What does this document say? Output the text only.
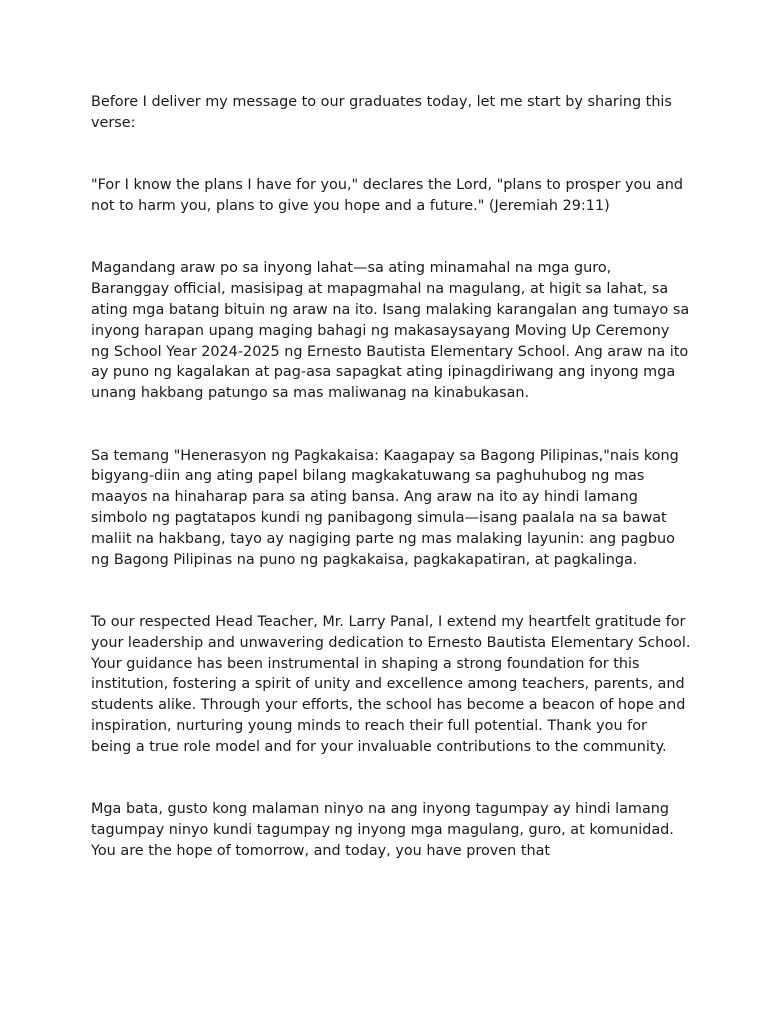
Before I deliver my message to our graduates today, let me start by sharing this verse:

"For I know the plans I have for you," declares the Lord, "plans to prosper you and not to harm you, plans to give you hope and a future." (Jeremiah 29:11)

Magandang araw po sa inyong lahat—sa ating minamahal na mga guro, Baranggay official, masisipag at mapagmahal na magulang, at higit sa lahat, sa ating mga batang bituin ng araw na ito. Isang malaking karangalan ang tumayo sa inyong harapan upang maging bahagi ng makasaysayang Moving Up Ceremony ng School Year 2024-2025 ng Ernesto Bautista Elementary School. Ang araw na ito ay puno ng kagalakan at pag-asa sapagkat ating ipinagdiriwang ang inyong mga unang hakbang patungo sa mas maliwanag na kinabukasan.

Sa temang "Henerasyon ng Pagkakaisa: Kaagapay sa Bagong Pilipinas,"nais kong bigyang-diin ang ating papel bilang magkakatuwang sa paghuhubog ng mas maayos na hinaharap para sa ating bansa. Ang araw na ito ay hindi lamang simbolo ng pagtatapos kundi ng panibagong simula—isang paalala na sa bawat maliit na hakbang, tayo ay nagiging parte ng mas malaking layunin: ang pagbuo ng Bagong Pilipinas na puno ng pagkakaisa, pagkakapatiran, at pagkalinga.

To our respected Head Teacher, Mr. Larry Panal, I extend my heartfelt gratitude for your leadership and unwavering dedication to Ernesto Bautista Elementary School. Your guidance has been instrumental in shaping a strong foundation for this institution, fostering a spirit of unity and excellence among teachers, parents, and students alike. Through your efforts, the school has become a beacon of hope and inspiration, nurturing young minds to reach their full potential. Thank you for being a true role model and for your invaluable contributions to the community.

Mga bata, gusto kong malaman ninyo na ang inyong tagumpay ay hindi lamang tagumpay ninyo kundi tagumpay ng inyong mga magulang, guro, at komunidad. You are the hope of tomorrow, and today, you have proven that
